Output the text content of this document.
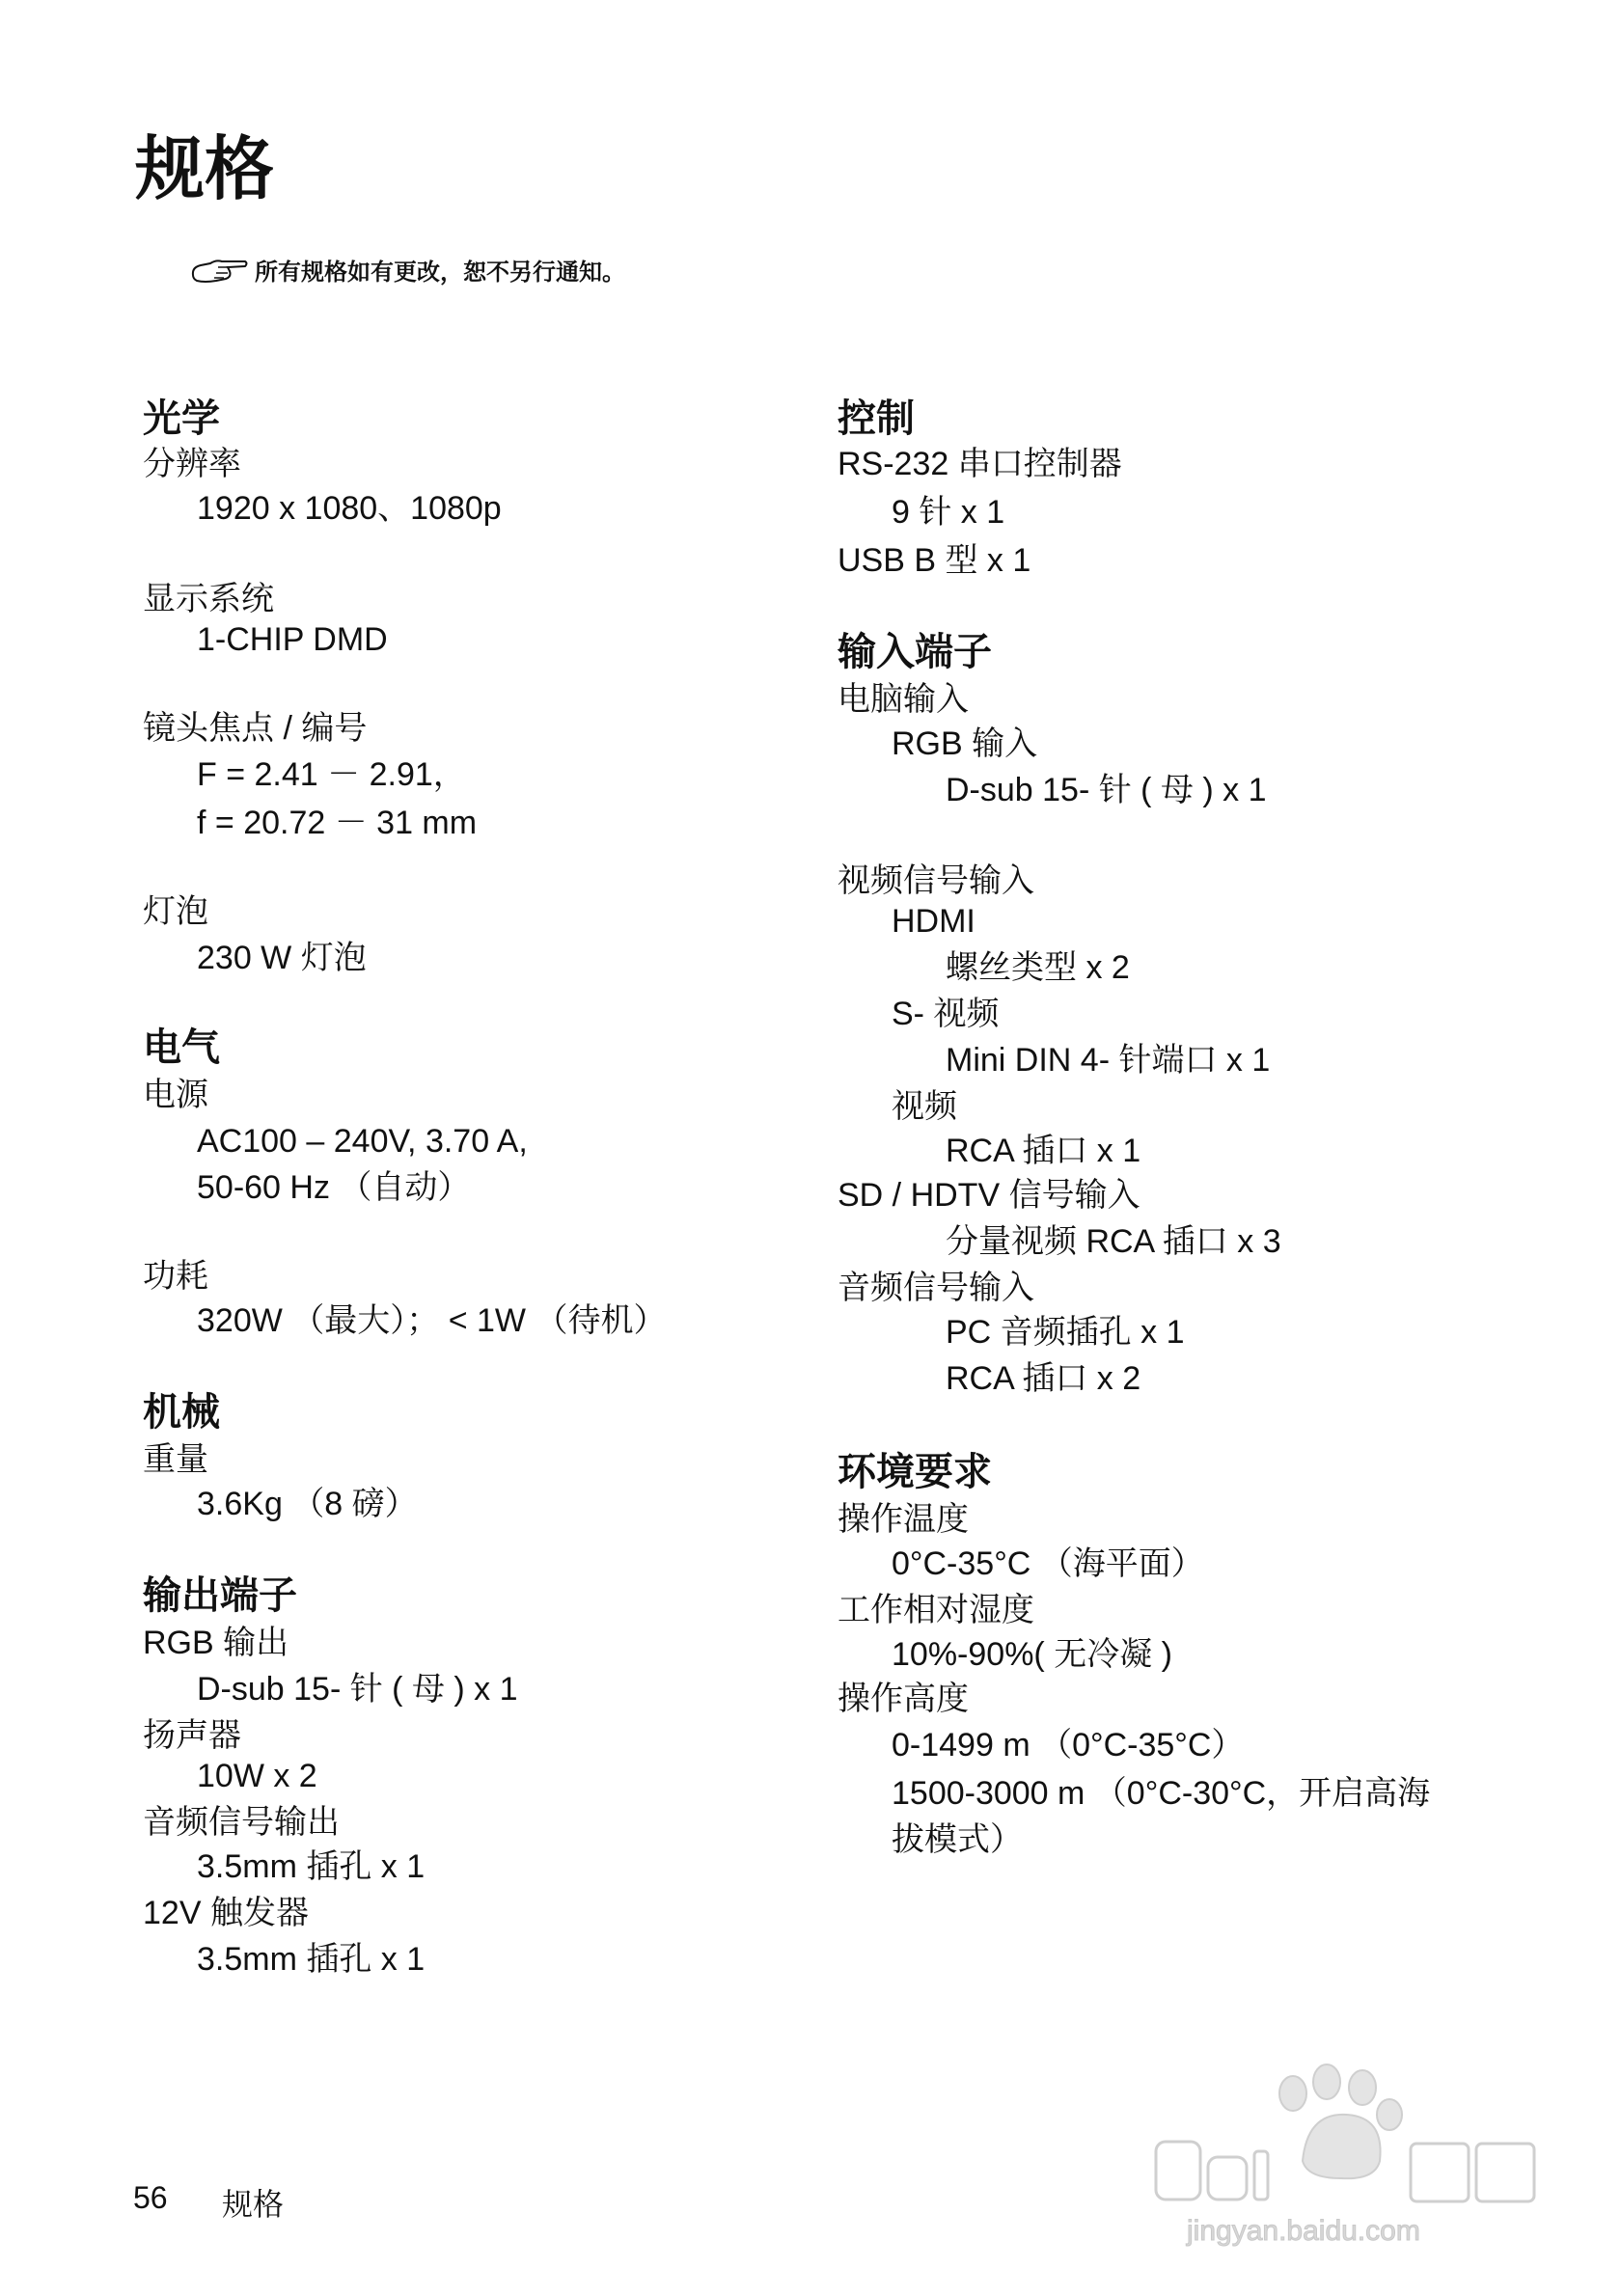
规格
所有规格如有更改，恕不另行通知。
光学
分辨率
1920 x 1080、1080p
显示系统
1-CHIP DMD
镜头焦点 / 编号
F = 2.41 － 2.91，
f = 20.72 － 31 mm
灯泡
230 W 灯泡
电气
电源
AC100 – 240V, 3.70 A,
50-60 Hz （自动）
功耗
320W （最大）； < 1W （待机）
机械
重量
3.6Kg （8 磅）
输出端子
RGB 输出
D-sub 15- 针 ( 母 ) x 1
扬声器
10W x 2
音频信号输出
3.5mm 插孔 x 1
12V 触发器
3.5mm 插孔 x 1
控制
RS-232 串口控制器
9 针 x 1
USB B 型 x 1
输入端子
电脑输入
RGB 输入
D-sub 15- 针 ( 母 ) x 1
视频信号输入
HDMI
螺丝类型 x 2
S- 视频
Mini DIN 4- 针端口 x 1
视频
RCA 插口 x 1
SD / HDTV 信号输入
分量视频 RCA 插口 x 3
音频信号输入
PC 音频插孔 x 1
RCA 插口 x 2
环境要求
操作温度
0°C-35°C （海平面）
工作相对湿度
10%-90%( 无冷凝 )
操作高度
0-1499 m （0°C-35°C）
1500-3000 m （0°C-30°C，开启高海
拔模式）
56 规格
jingyan.baidu.com
